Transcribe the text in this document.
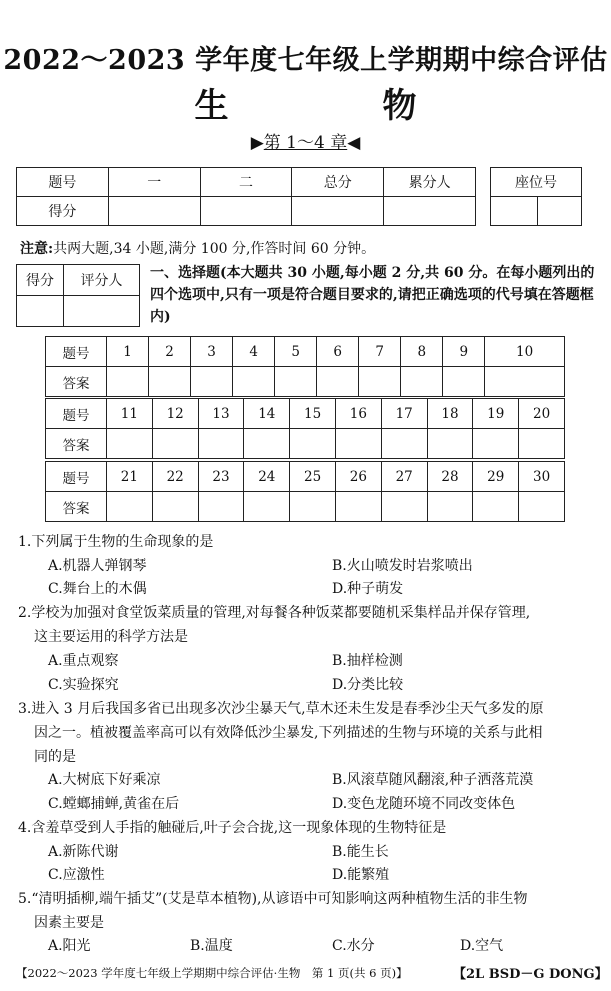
2022～2023 学年度七年级上学期期中综合评估
生　物
▶第 1～4 章◀
题号	一	二	总分	累分人
得分				
座位号

注意:共两大题,34 小题,满分 100 分,作答时间 60 分钟。
得分	评分人
	一、选择题(本大题共 30 小题,每小题 2 分,共 60 分。在每小题列出的四个选项中,只有一项是符合题目要求的,请把正确选项的代号填在答题框内)
题号	1	2	3	4	5	6	7	8	9	10
答案										
题号	11	12	13	14	15	16	17	18	19	20
答案										
题号	21	22	23	24	25	26	27	28	29	30
答案										
1.下列属于生物的生命现象的是
A.机器人弹钢琴	B.火山喷发时岩浆喷出
C.舞台上的木偶	D.种子萌发
2.学校为加强对食堂饭菜质量的管理,对每餐各种饭菜都要随机采集样品并保存管理,
这主要运用的科学方法是
A.重点观察	B.抽样检测
C.实验探究	D.分类比较
3.进入 3 月后我国多省已出现多次沙尘暴天气,草木还未生发是春季沙尘天气多发的原
因之一。植被覆盖率高可以有效降低沙尘暴发,下列描述的生物与环境的关系与此相
同的是
A.大树底下好乘凉	B.风滚草随风翻滚,种子洒落荒漠
C.螳螂捕蝉,黄雀在后	D.变色龙随环境不同改变体色
4.含羞草受到人手指的触碰后,叶子会合拢,这一现象体现的生物特征是
A.新陈代谢	B.能生长
C.应激性	D.能繁殖
5.“清明插柳,端午插艾”(艾是草本植物),从谚语中可知影响这两种植物生活的非生物
因素主要是
A.阳光	B.温度	C.水分	D.空气
【2022～2023 学年度七年级上学期期中综合评估·生物　第 1 页(共 6 页)】	【2L BSD－G DONG】
